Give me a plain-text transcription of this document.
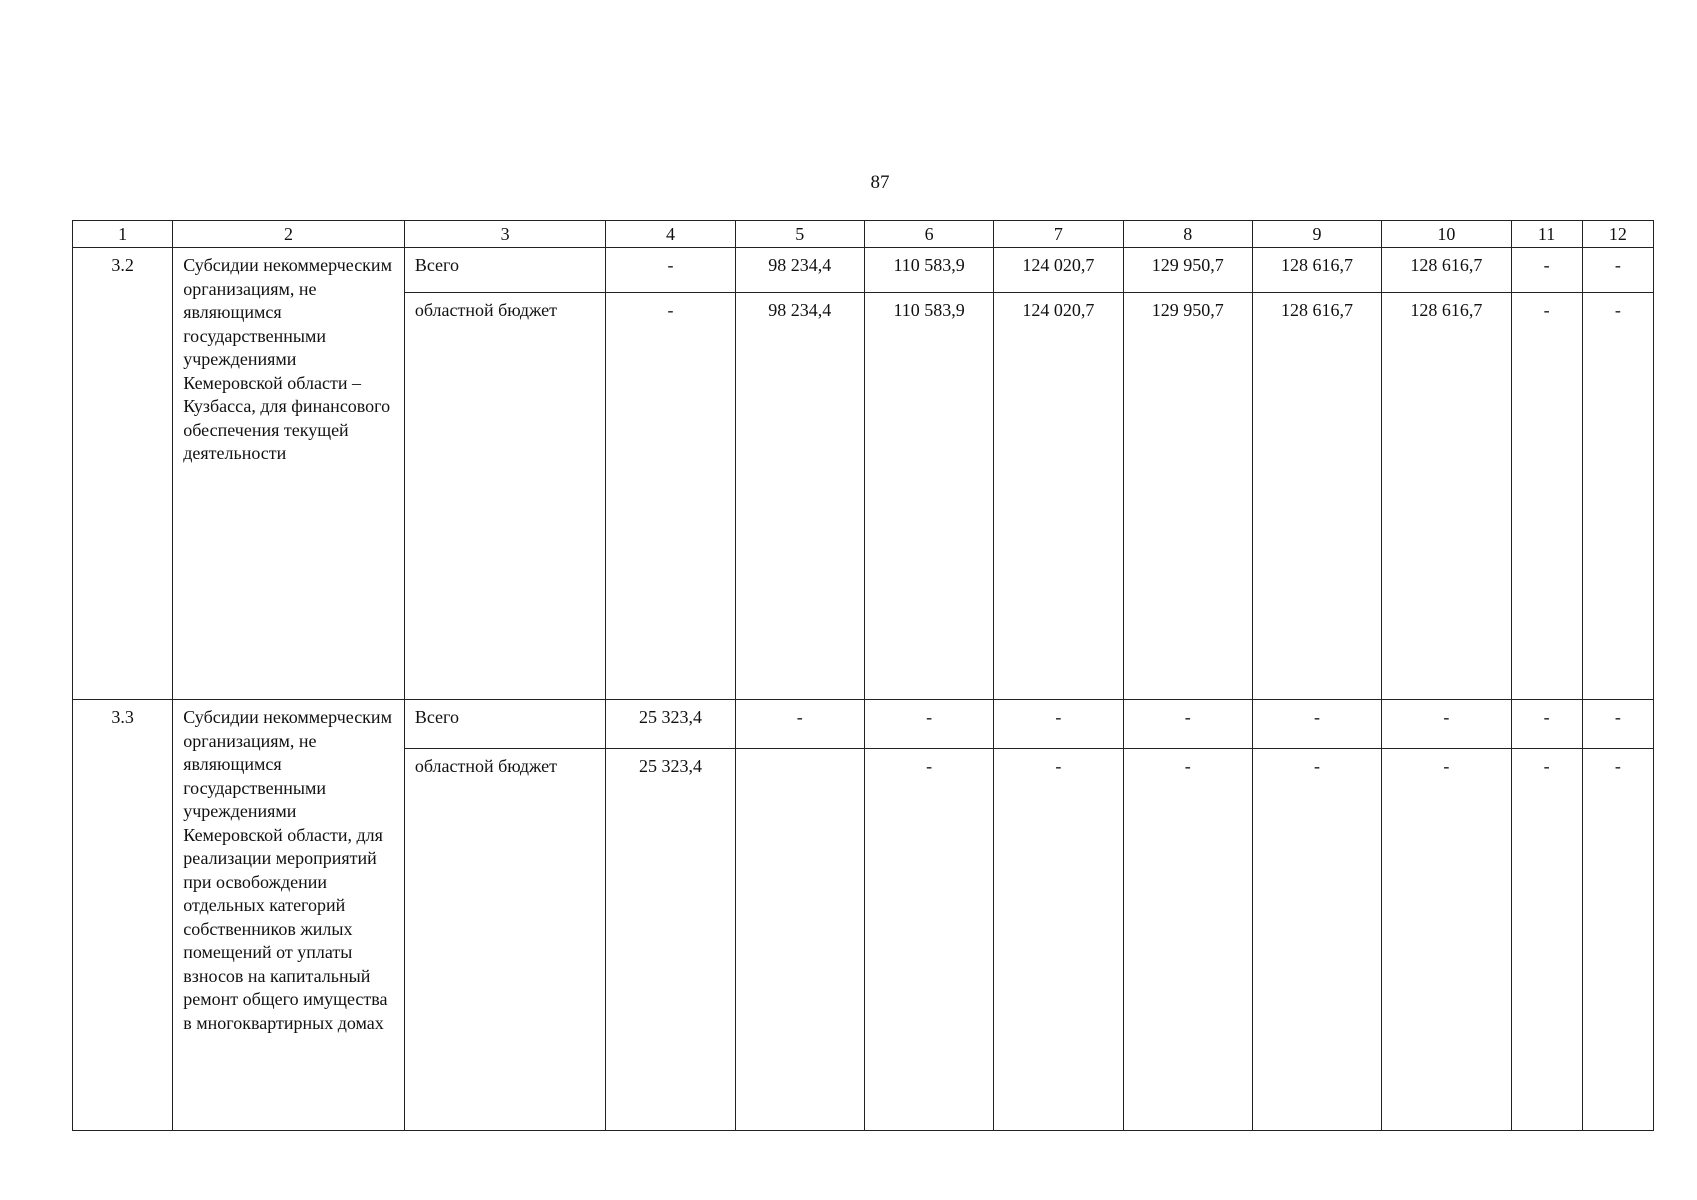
87
1	2	3	4	5	6	7	8	9	10	11	12
3.2	Субсидии некоммерческим организациям, не являющимся государственными учреждениями Кемеровской области – Кузбасса, для финансового обеспечения текущей деятельности	Всего	-	98 234,4	110 583,9	124 020,7	129 950,7	128 616,7	128 616,7	-	-
		областной бюджет	-	98 234,4	110 583,9	124 020,7	129 950,7	128 616,7	128 616,7	-	-
3.3	Субсидии некоммерческим организациям, не являющимся государственными учреждениями Кемеровской области, для реализации мероприятий при освобождении отдельных категорий собственников жилых помещений от уплаты взносов на капитальный ремонт общего имущества в многоквартирных домах	Всего	25 323,4	-	-	-	-	-	-	-	-
		областной бюджет	25 323,4		-	-	-	-	-	-	-
